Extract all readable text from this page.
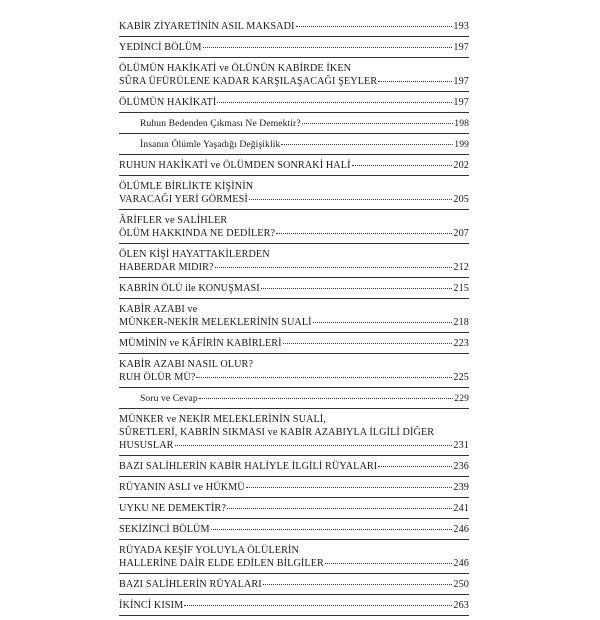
KABİR ZİYARETİNİN ASIL MAKSADI	193
YEDİNCİ BÖLÜM	197
ÖLÜMÜN HAKİKATİ ve ÖLÜNÜN KABİRDE İKEN
SÛRA ÜFÜRÜLENE KADAR KARŞILAŞACAĞI ŞEYLER	197
ÖLÜMÜN HAKİKATİ	197
Ruhun Bedenden Çıkması Ne Demektir?	198
İnsanın Ölümle Yaşadığı Değişiklik	199
RUHUN HAKİKATİ ve ÖLÜMDEN SONRAKİ HALİ	202
ÖLÜMLE BİRLİKTE KİŞİNİN
VARACAĞI YERİ GÖRMESİ	205
ÂRİFLER ve SALİHLER
ÖLÜM HAKKINDA NE DEDİLER?	207
ÖLEN KİŞİ HAYATTAKİLERDEN
HABERDAR MIDIR?	212
KABRİN ÖLÜ ile KONUŞMASI	215
KABİR AZABI ve
MÜNKER-NEKİR MELEKLERİNİN SUALİ	218
MÜMİNİN ve KÂFİRİN KABİRLERİ	223
KABİR AZABI NASIL OLUR?
RUH ÖLÜR MÜ?	225
Soru ve Cevap	229
MÜNKER ve NEKİR MELEKLERİNİN SUALİ,
SÛRETLERİ, KABRİN SIKMASI ve KABİR AZABIYLA İLGİLİ DİĞER
HUSUSLAR	231
BAZI SALİHLERİN KABİR HALİYLE İLGİLİ RÜYALARI	236
RÜYANIN ASLI ve HÜKMÜ	239
UYKU NE DEMEKTİR?	241
SEKİZİNCİ BÖLÜM	246
RÜYADA KEŞİF YOLUYLA ÖLÜLERİN
HALLERİNE DAİR ELDE EDİLEN BİLGİLER	246
BAZI SALİHLERİN RÜYALARI	250
İKİNCİ KISIM	263
